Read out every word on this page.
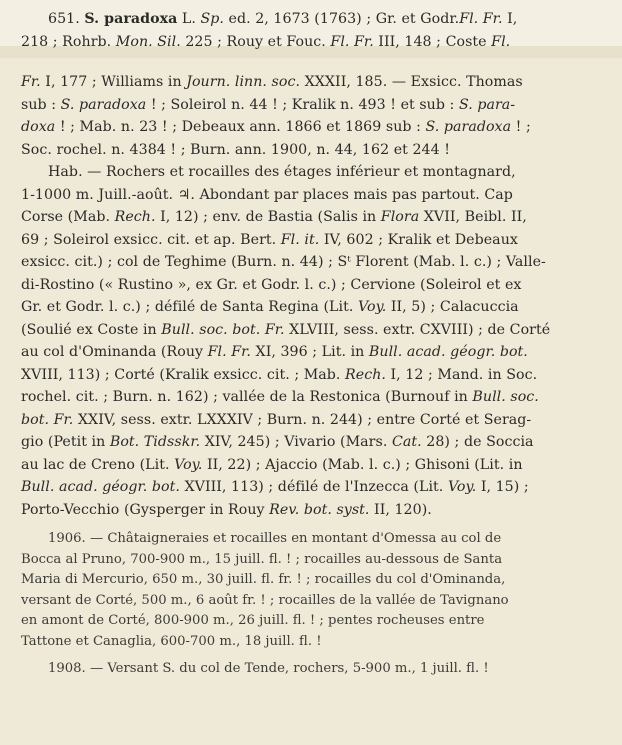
651. S. paradoxa L. Sp. ed. 2, 1673 (1763) ; Gr. et Godr.Fl. Fr. I,
218 ; Rohrb. Mon. Sil. 225 ; Rouy et Fouc. Fl. Fr. III, 148 ; Coste Fl.
Fr. I, 177 ; Williams in Journ. linn. soc. XXXII, 185. — Exsicc. Thomas
sub : S. paradoxa ! ; Soleirol n. 44 ! ; Kralik n. 493 ! et sub : S. para-
doxa ! ; Mab. n. 23 ! ; Debeaux ann. 1866 et 1869 sub : S. paradoxa ! ;
Soc. rochel. n. 4384 ! ; Burn. ann. 1900, n. 44, 162 et 244 !
Hab. — Rochers et rocailles des étages inférieur et montagnard,
1-1000 m. Juill.-août. ♃. Abondant par places mais pas partout. Cap
Corse (Mab. Rech. I, 12) ; env. de Bastia (Salis in Flora XVII, Beibl. II,
69 ; Soleirol exsicc. cit. et ap. Bert. Fl. it. IV, 602 ; Kralik et Debeaux
exsicc. cit.) ; col de Teghime (Burn. n. 44) ; Sᵗ Florent (Mab. l. c.) ; Valle-
di-Rostino (« Rustino », ex Gr. et Godr. l. c.) ; Cervione (Soleirol et ex
Gr. et Godr. l. c.) ; défilé de Santa Regina (Lit. Voy. II, 5) ; Calacuccia
(Soulié ex Coste in Bull. soc. bot. Fr. XLVIII, sess. extr. CXVIII) ; de Corté
au col d'Ominanda (Rouy Fl. Fr. XI, 396 ; Lit. in Bull. acad. géogr. bot.
XVIII, 113) ; Corté (Kralik exsicc. cit. ; Mab. Rech. I, 12 ; Mand. in Soc.
rochel. cit. ; Burn. n. 162) ; vallée de la Restonica (Burnouf in Bull. soc.
bot. Fr. XXIV, sess. extr. LXXXIV ; Burn. n. 244) ; entre Corté et Serag-
gio (Petit in Bot. Tidsskr. XIV, 245) ; Vivario (Mars. Cat. 28) ; de Soccia
au lac de Creno (Lit. Voy. II, 22) ; Ajaccio (Mab. l. c.) ; Ghisoni (Lit. in
Bull. acad. géogr. bot. XVIII, 113) ; défilé de l'Inzecca (Lit. Voy. I, 15) ;
Porto-Vecchio (Gysperger in Rouy Rev. bot. syst. II, 120).
1906. — Châtaigneraies et rocailles en montant d'Omessa au col de
Bocca al Pruno, 700-900 m., 15 juill. fl. ! ; rocailles au-dessous de Santa
Maria di Mercurio, 650 m., 30 juill. fl. fr. ! ; rocailles du col d'Ominanda,
versant de Corté, 500 m., 6 août fr. ! ; rocailles de la vallée de Tavignano
en amont de Corté, 800-900 m., 26 juill. fl. ! ; pentes rocheuses entre
Tattone et Canaglia, 600-700 m., 18 juill. fl. !
1908. — Versant S. du col de Tende, rochers, 5-900 m., 1 juill. fl. !
